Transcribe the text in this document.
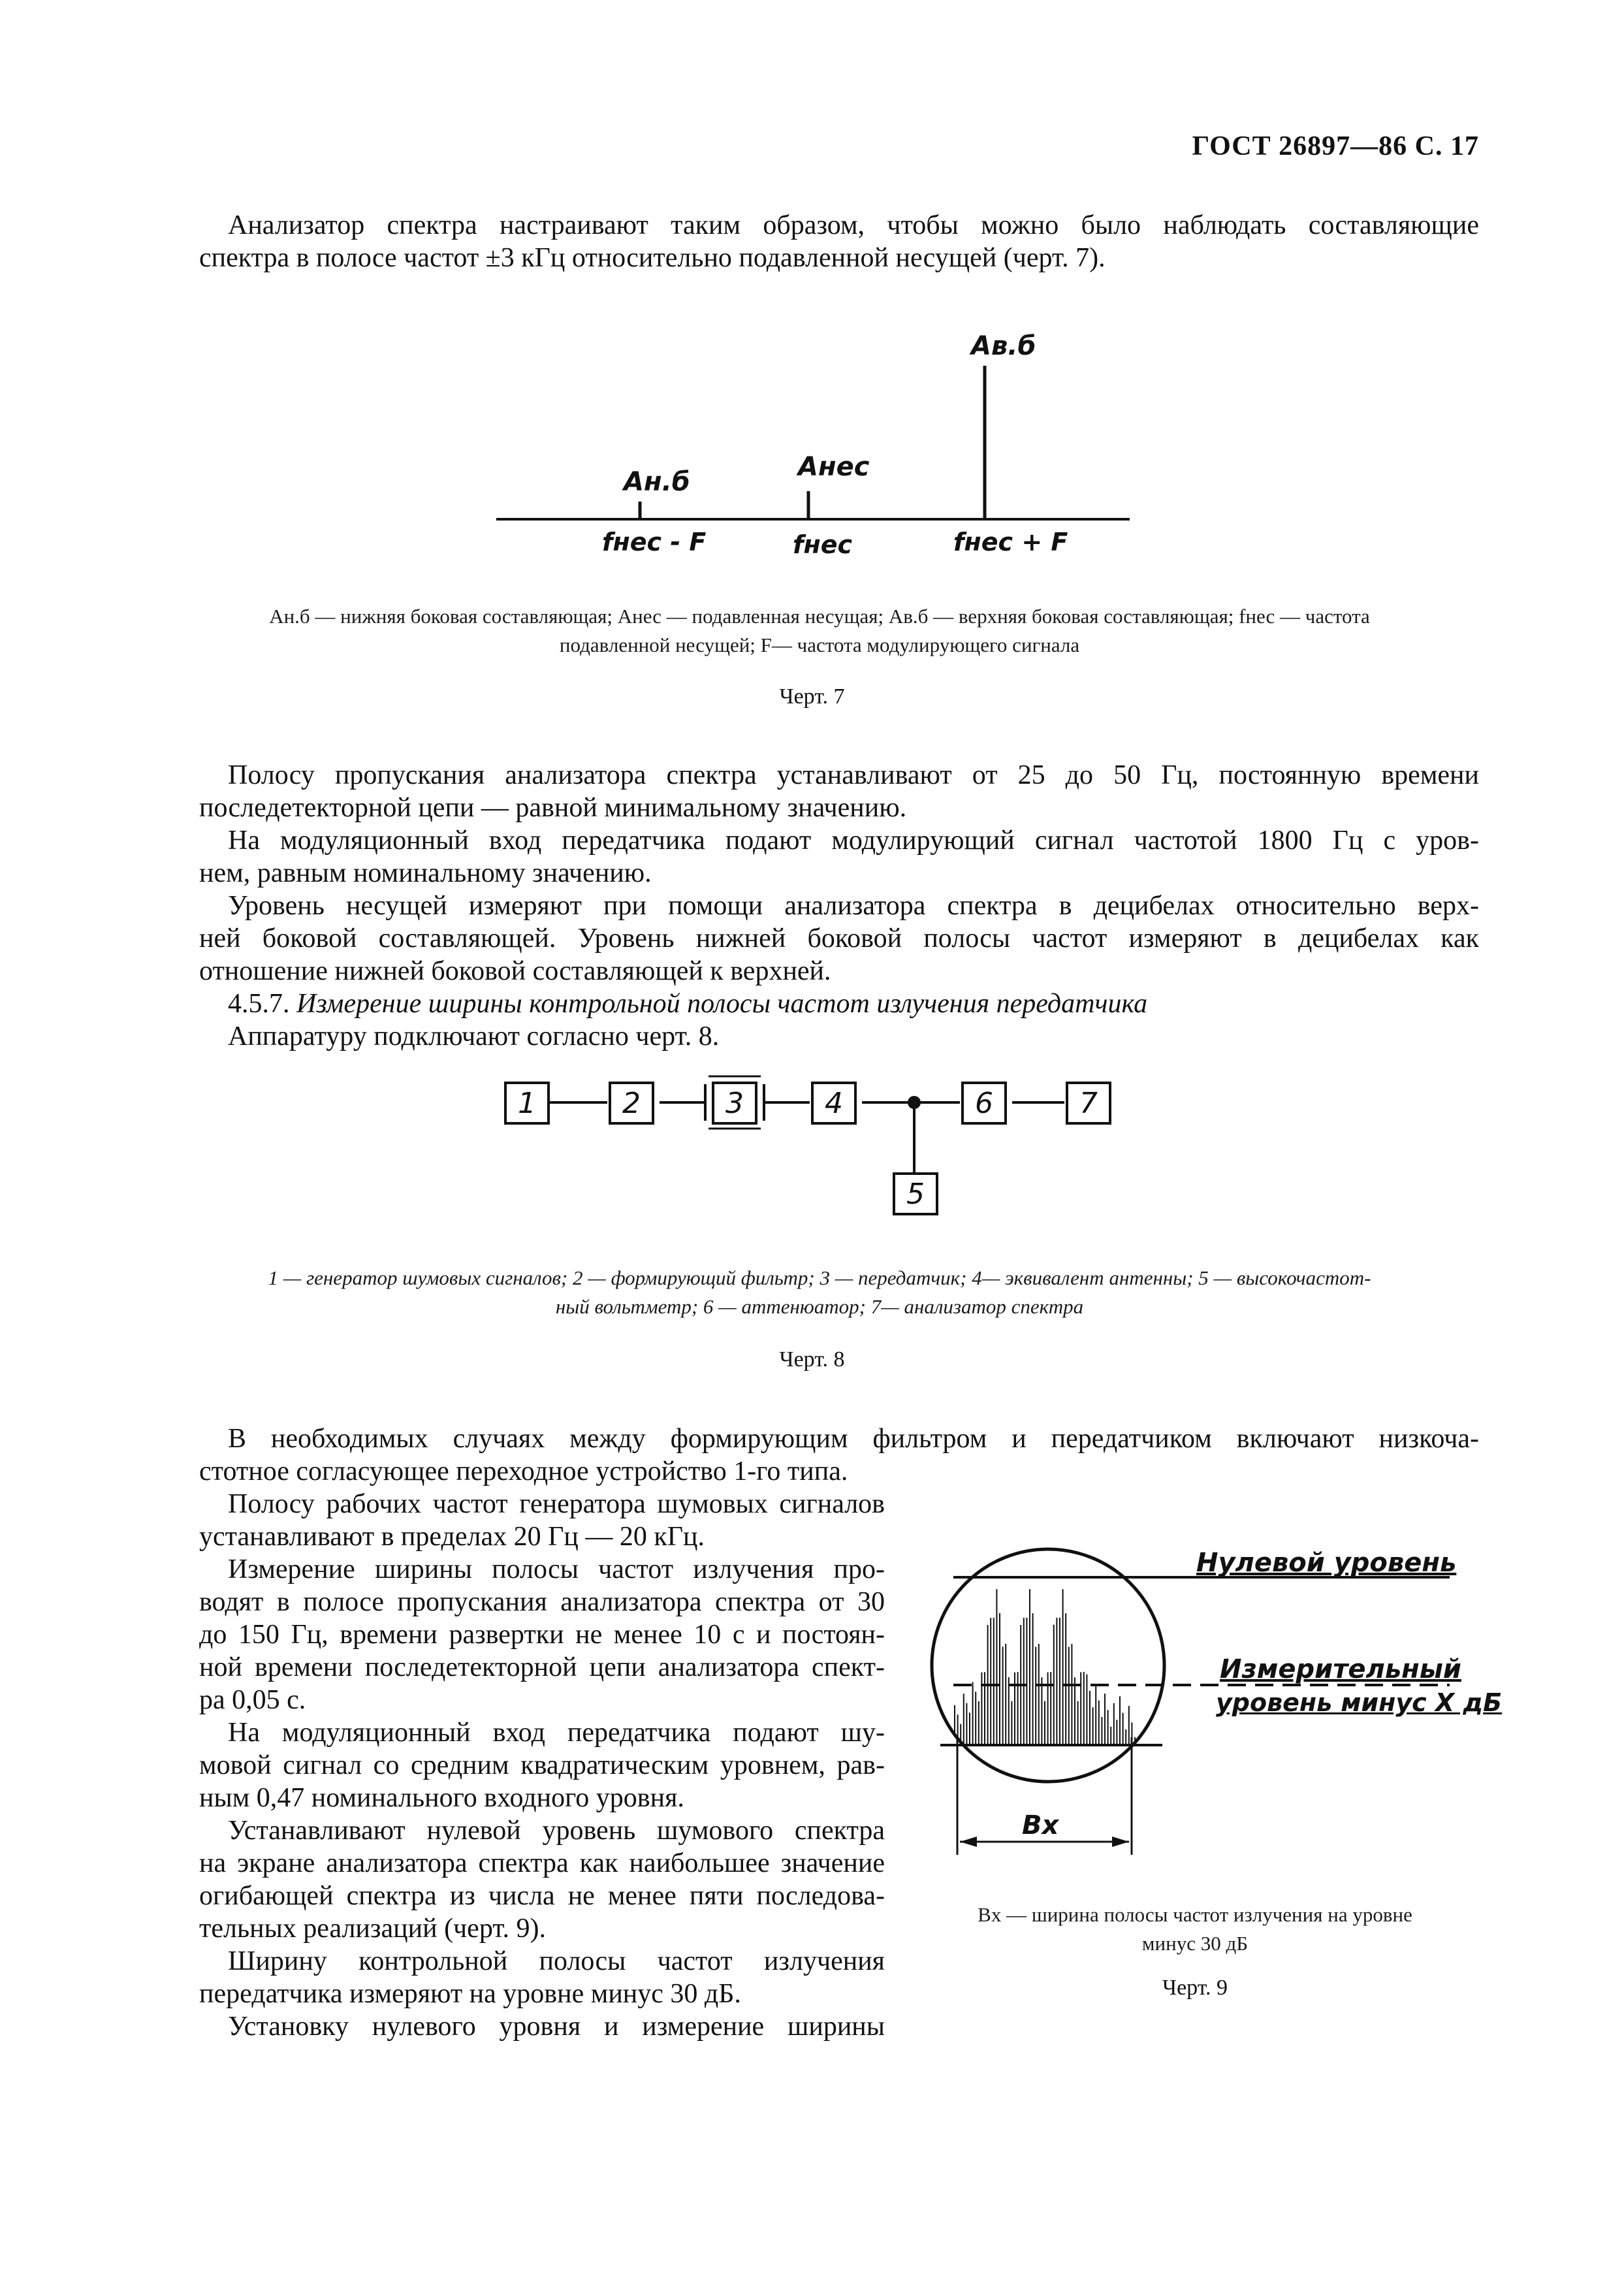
ГОСТ 26897—86 С. 17
Анализатор спектра настраивают таким образом, чтобы можно было наблюдать составляющие
спектра в полосе частот ±3 кГц относительно подавленной несущей (черт. 7).
Aн.б	Aнес
Aв.б
fнес - F	fнес	fнес + F
Aн.б — нижняя боковая составляющая; Aнес — подавленная несущая; Aв.б — верхняя боковая составляющая; fнес — частота
подавленной несущей; F— частота модулирующего сигнала
Черт. 7
Полосу пропускания анализатора спектра устанавливают от 25 до 50 Гц, постоянную времени
последетекторной цепи — равной минимальному значению.
На модуляционный вход передатчика подают модулирующий сигнал частотой 1800 Гц с уров-
нем, равным номинальному значению.
Уровень несущей измеряют при помощи анализатора спектра в децибелах относительно верх-
ней боковой составляющей. Уровень нижней боковой полосы частот измеряют в децибелах как
отношение нижней боковой составляющей к верхней.
4.5.7. Измерение ширины контрольной полосы частот излучения передатчика
Аппаратуру подключают согласно черт. 8.
1	2	3	4	6	7
5
1 — генератор шумовых сигналов; 2 — формирующий фильтр; 3 — передатчик; 4— эквивалент антенны; 5 — высокочастот-
ный вольтметр; 6 — аттенюатор; 7— анализатор спектра
Черт. 8
В необходимых случаях между формирующим фильтром и передатчиком включают низкоча-
стотное согласующее переходное устройство 1-го типа.
Полосу рабочих частот генератора шумовых сигналов
устанавливают в пределах 20 Гц — 20 кГц.
Измерение ширины полосы частот излучения про-
водят в полосе пропускания анализатора спектра от 30
до 150 Гц, времени развертки не менее 10 с и постоян-
ной времени последетекторной цепи анализатора спект-
ра 0,05 с.
На модуляционный вход передатчика подают шу-
мовой сигнал со средним квадратическим уровнем, рав-
ным 0,47 номинального входного уровня.
Устанавливают нулевой уровень шумового спектра
на экране анализатора спектра как наибольшее значение
огибающей спектра из числа не менее пяти последова-
тельных реализаций (черт. 9).
Ширину контрольной полосы частот излучения
передатчика измеряют на уровне минус 30 дБ.
Установку нулевого уровня и измерение ширины
Нулевой уровень
Измерительный
уровень минус X дБ
Bx
Bx — ширина полосы частот излучения на уровне
минус 30 дБ
Черт. 9
